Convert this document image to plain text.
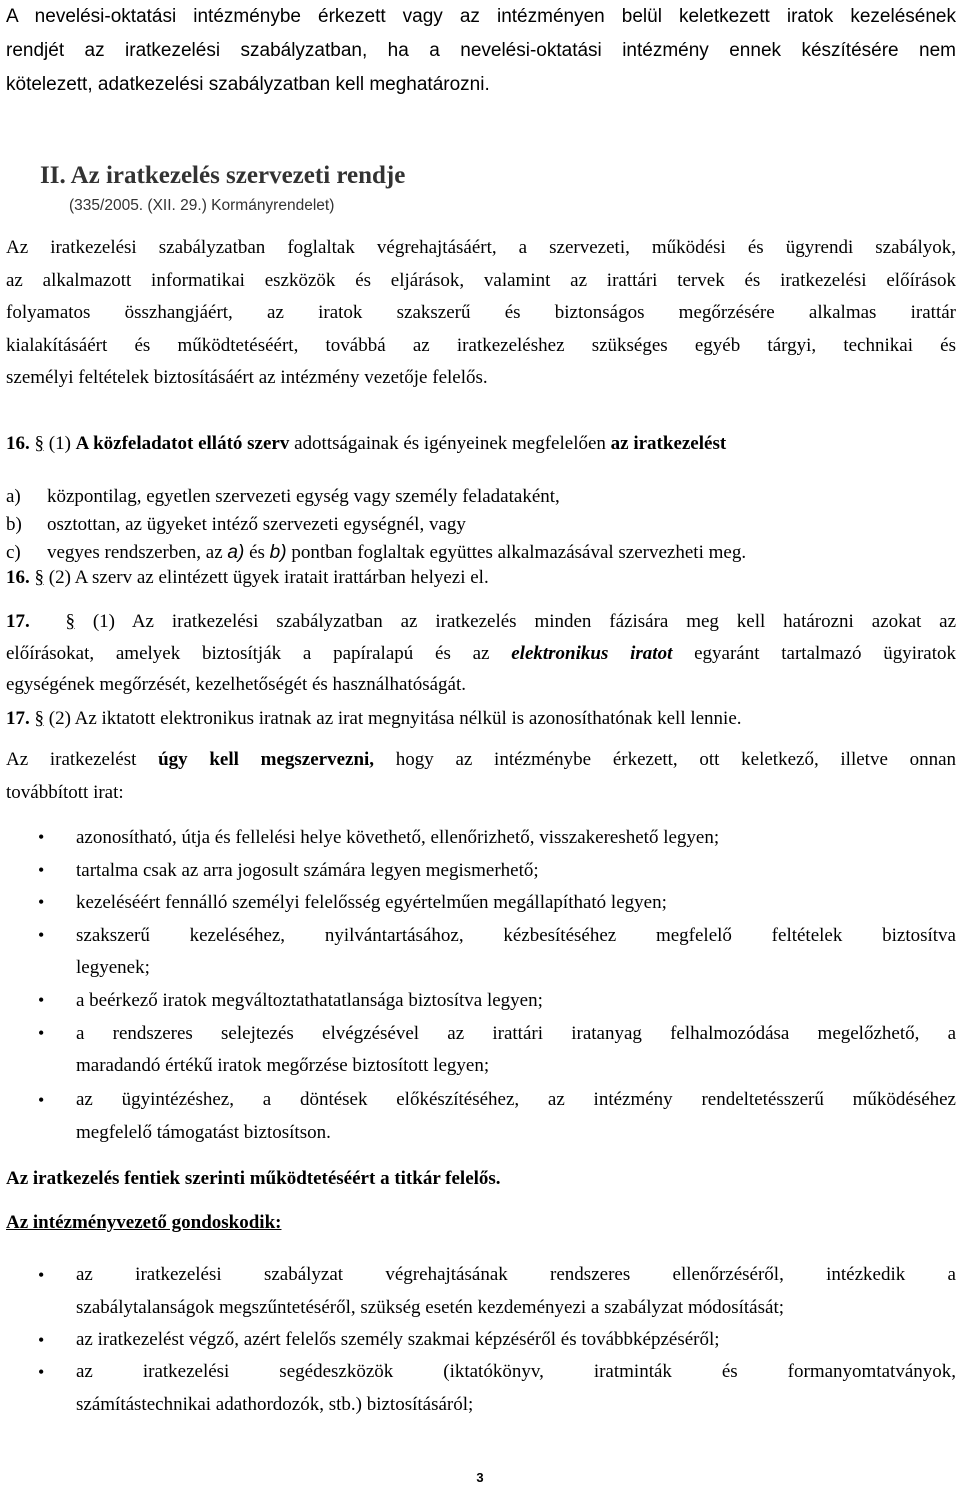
A nevelési-oktatási intézménybe érkezett vagy az intézményen belül keletkezett iratok kezelésének

rendjét az iratkezelési szabályzatban, ha a nevelési-oktatási intézmény ennek készítésére nem

kötelezett, adatkezelési szabályzatban kell meghatározni.

II. Az iratkezelés szervezeti rendje
(335/2005. (XII. 29.) Kormányrendelet)

Az iratkezelési szabályzatban foglaltak végrehajtásáért, a szervezeti, működési és ügyrendi szabályok,

az alkalmazott informatikai eszközök és eljárások, valamint az irattári tervek és iratkezelési előírások

folyamatos összhangjáért, az iratok szakszerű és biztonságos megőrzésére alkalmas irattár

kialakításáért és működtetéséért, továbbá az iratkezeléshez szükséges egyéb tárgyi, technikai és

személyi feltételek biztosításáért az intézmény vezetője felelős.

16. § (1) A közfeladatot ellátó szerv adottságainak és igényeinek megfelelően az iratkezelést
a) központilag, egyetlen szervezeti egység vagy személy feladataként,
b) osztottan, az ügyeket intéző szervezeti egységnél, vagy
c) vegyes rendszerben, az a) és b) pontban foglaltak együttes alkalmazásával szervezheti meg.
16. § (2) A szerv az elintézett ügyek iratait irattárban helyezi el.

17. § (1) Az iratkezelési szabályzatban az iratkezelés minden fázisára meg kell határozni azokat az

előírásokat, amelyek biztosítják a papíralapú és az elektronikus iratot egyaránt tartalmazó ügyiratok

egységének megőrzését, kezelhetőségét és használhatóságát.

17. § (2) Az iktatott elektronikus iratnak az irat megnyitása nélkül is azonosíthatónak kell lennie.

Az iratkezelést úgy kell megszervezni, hogy az intézménybe érkezett, ott keletkező, illetve onnan

továbbított irat:

• azonosítható, útja és fellelési helye követhető, ellenőrizhető, visszakereshető legyen;

• tartalma csak az arra jogosult számára legyen megismerhető;

• kezeléséért fennálló személyi felelősség egyértelműen megállapítható legyen;

• szakszerű kezeléséhez, nyilvántartásához, kézbesítéséhez megfelelő feltételek biztosítva

legyenek;

• a beérkező iratok megváltoztathatatlansága biztosítva legyen;

• a rendszeres selejtezés elvégzésével az irattári iratanyag felhalmozódása megelőzhető, a

maradandó értékű iratok megőrzése biztosított legyen;

• az ügyintézéshez, a döntések előkészítéséhez, az intézmény rendeltetésszerű működéséhez

megfelelő támogatást biztosítson.

Az iratkezelés fentiek szerinti működtetéséért a titkár felelős.
Az intézményvezető gondoskodik:
• az iratkezelési szabályzat végrehajtásának rendszeres ellenőrzéséről, intézkedik a

szabálytalanságok megszűntetéséről, szükség esetén kezdeményezi a szabályzat módosítását;

• az iratkezelést végző, azért felelős személy szakmai képzéséről és továbbképzéséről;

• az iratkezelési segédeszközök (iktatókönyv, iratminták és formanyomtatványok,

számítástechnikai adathordozók, stb.) biztosításáról;

3
